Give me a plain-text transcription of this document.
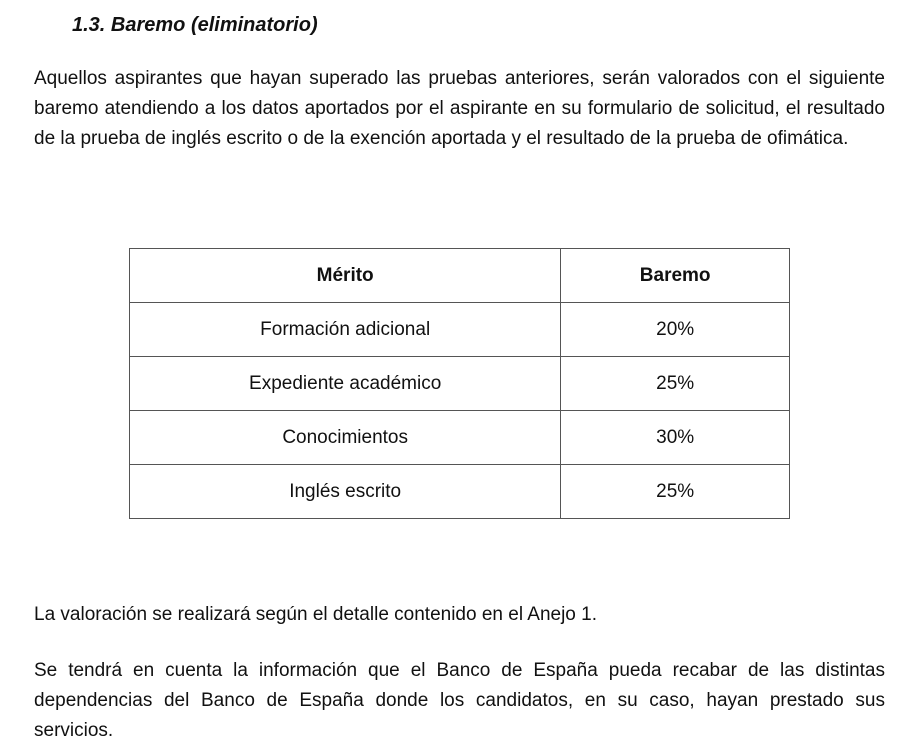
1.3. Baremo (eliminatorio)

Aquellos aspirantes que hayan superado las pruebas anteriores, serán valorados con el siguiente baremo atendiendo a los datos aportados por el aspirante en su formulario de solicitud, el resultado de la prueba de inglés escrito o de la exención aportada y el resultado de la prueba de ofimática.

Mérito	Baremo
Formación adicional	20%
Expediente académico	25%
Conocimientos	30%
Inglés escrito	25%

La valoración se realizará según el detalle contenido en el Anejo 1.

Se tendrá en cuenta la información que el Banco de España pueda recabar de las distintas dependencias del Banco de España donde los candidatos, en su caso, hayan prestado sus servicios.
